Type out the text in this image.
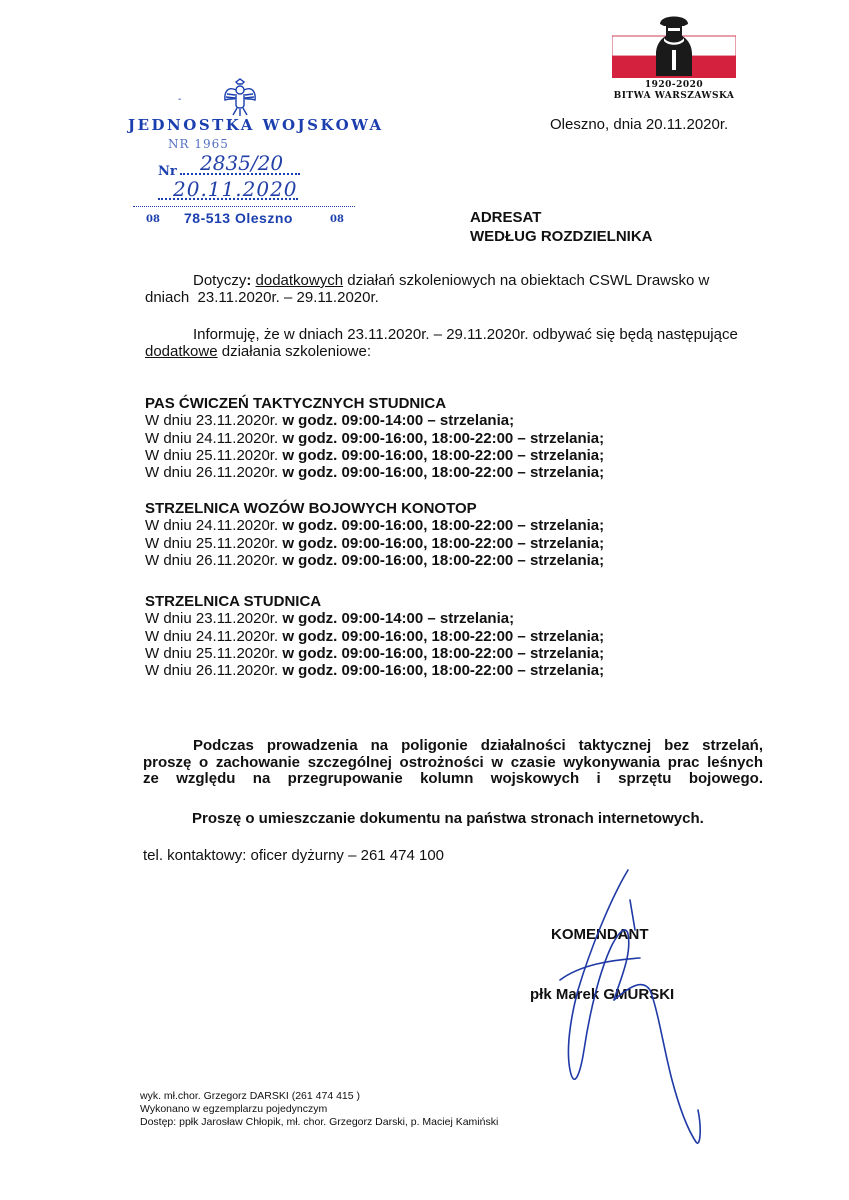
-
JEDNOSTKA WOJSKOWA
NR 1965
Nr 2835/20
20.11.2020
08 78-513 Oleszno	08
1920-2020
BITWA WARSZAWSKA
Oleszno, dnia 20.11.2020r.
ADRESAT
WEDŁUG ROZDZIELNIKA
Dotyczy: dodatkowych działań szkoleniowych na obiektach CSWL Drawsko w
dniach  23.11.2020r. – 29.11.2020r.
Informuję, że w dniach 23.11.2020r. – 29.11.2020r. odbywać się będą następujące
dodatkowe działania szkoleniowe:
PAS ĆWICZEŃ TAKTYCZNYCH STUDNICA
W dniu 23.11.2020r. w godz. 09:00-14:00 – strzelania;
W dniu 24.11.2020r. w godz. 09:00-16:00, 18:00-22:00 – strzelania;
W dniu 25.11.2020r. w godz. 09:00-16:00, 18:00-22:00 – strzelania;
W dniu 26.11.2020r. w godz. 09:00-16:00, 18:00-22:00 – strzelania;
STRZELNICA WOZÓW BOJOWYCH KONOTOP
W dniu 24.11.2020r. w godz. 09:00-16:00, 18:00-22:00 – strzelania;
W dniu 25.11.2020r. w godz. 09:00-16:00, 18:00-22:00 – strzelania;
W dniu 26.11.2020r. w godz. 09:00-16:00, 18:00-22:00 – strzelania;
STRZELNICA STUDNICA
W dniu 23.11.2020r. w godz. 09:00-14:00 – strzelania;
W dniu 24.11.2020r. w godz. 09:00-16:00, 18:00-22:00 – strzelania;
W dniu 25.11.2020r. w godz. 09:00-16:00, 18:00-22:00 – strzelania;
W dniu 26.11.2020r. w godz. 09:00-16:00, 18:00-22:00 – strzelania;
Podczas prowadzenia na poligonie działalności taktycznej bez strzelań,
proszę o zachowanie szczególnej ostrożności w czasie wykonywania prac leśnych
ze względu na przegrupowanie kolumn wojskowych i sprzętu bojowego.
Proszę o umieszczanie dokumentu na państwa stronach internetowych.
tel. kontaktowy: oficer dyżurny – 261 474 100
KOMENDANT
płk Marek GMURSKI
wyk. mł.chor. Grzegorz DARSKI (261 474 415 )
Wykonano w egzemplarzu pojedynczym
Dostęp: ppłk Jarosław Chłopik, mł. chor. Grzegorz Darski, p. Maciej Kamiński
